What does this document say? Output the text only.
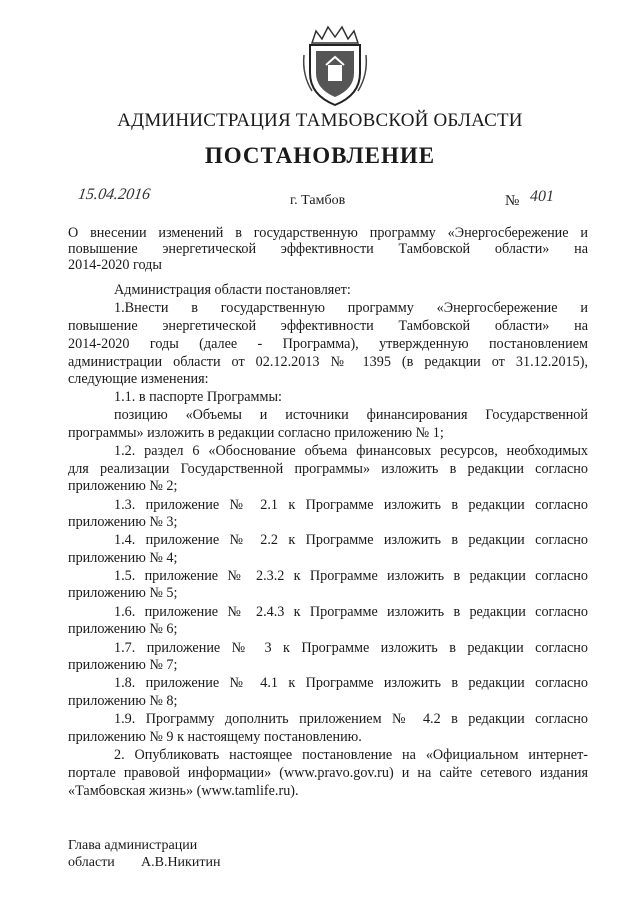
АДМИНИСТРАЦИЯ ТАМБОВСКОЙ ОБЛАСТИ
ПОСТАНОВЛЕНИЕ
15.04.2016	г. Тамбов	№ 401
О внесении изменений в государственную программу «Энергосбережение и
повышение энергетической эффективности Тамбовской области» на
2014-2020 годы
Администрация области постановляет:
1.Внести в государственную программу «Энергосбережение и
повышение энергетической эффективности Тамбовской области» на
2014-2020 годы (далее - Программа), утвержденную постановлением
администрации области от 02.12.2013 № 1395 (в редакции от 31.12.2015),
следующие изменения:
1.1. в паспорте Программы:
позицию «Объемы и источники финансирования Государственной
программы» изложить в редакции согласно приложению № 1;
1.2. раздел 6 «Обоснование объема финансовых ресурсов, необходимых
для реализации Государственной программы» изложить в редакции согласно
приложению № 2;
1.3. приложение № 2.1 к Программе изложить в редакции согласно
приложению № 3;
1.4. приложение № 2.2 к Программе изложить в редакции согласно
приложению № 4;
1.5. приложение № 2.3.2 к Программе изложить в редакции согласно
приложению № 5;
1.6. приложение № 2.4.3 к Программе изложить в редакции согласно
приложению № 6;
1.7. приложение № 3 к Программе изложить в редакции согласно
приложению № 7;
1.8. приложение № 4.1 к Программе изложить в редакции согласно
приложению № 8;
1.9. Программу дополнить приложением № 4.2 в редакции согласно
приложению № 9 к настоящему постановлению.
2. Опубликовать настоящее постановление на «Официальном интернет-
портале правовой информации» (www.pravo.gov.ru) и на сайте сетевого издания
«Тамбовская жизнь» (www.tamlife.ru).
Глава администрации
области А.В.Никитин
